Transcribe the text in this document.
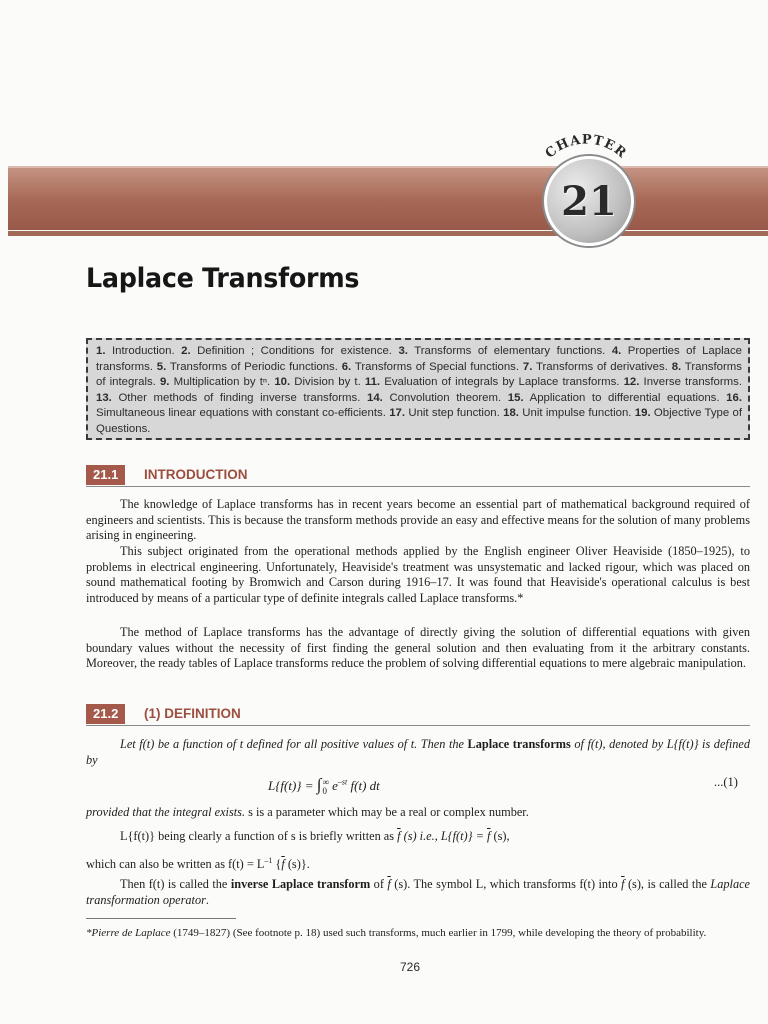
CHAPTER
21
Laplace Transforms
1. Introduction. 2. Definition ; Conditions for existence. 3. Transforms of elementary functions. 4. Properties of Laplace transforms. 5. Transforms of Periodic functions. 6. Transforms of Special functions. 7. Transforms of derivatives. 8. Transforms of integrals. 9. Multiplication by tⁿ. 10. Division by t. 11. Evaluation of integrals by Laplace transforms. 12. Inverse transforms. 13. Other methods of finding inverse transforms. 14. Convolution theorem. 15. Application to differential equations. 16. Simultaneous linear equations with constant co-efficients. 17. Unit step function. 18. Unit impulse function. 19. Objective Type of Questions.
21.1	INTRODUCTION

The knowledge of Laplace transforms has in recent years become an essential part of mathematical background required of engineers and scientists. This is because the transform methods provide an easy and effective means for the solution of many problems arising in engineering.

This subject originated from the operational methods applied by the English engineer Oliver Heaviside (1850–1925), to problems in electrical engineering. Unfortunately, Heaviside's treatment was unsystematic and lacked rigour, which was placed on sound mathematical footing by Bromwich and Carson during 1916–17. It was found that Heaviside's operational calculus is best introduced by means of a particular type of definite integrals called Laplace transforms.*

The method of Laplace transforms has the advantage of directly giving the solution of differential equations with given boundary values without the necessity of first finding the general solution and then evaluating from it the arbitrary constants. Moreover, the ready tables of Laplace transforms reduce the problem of solving differential equations to mere algebraic manipulation.

21.2	(1) DEFINITION

Let f(t) be a function of t defined for all positive values of t. Then the Laplace transforms of f(t), denoted by L{f(t)} is defined by

L{f(t)} = ∫ ∞
0 $e^{-st}$ f(t) dt	...(1)

provided that the integral exists. s is a parameter which may be a real or complex number.

L{f(t)} being clearly a function of s is briefly written as $\overline{f}$ (s) i.e., $L\{f(t)\} = \overline{f}$ (s),

which can also be written as $f(t) = L^{-1}$ {$\overline{f}$ (s)}.

Then f(t) is called the inverse Laplace transform of $\overline{f}$ (s). The symbol L, which transforms f(t) into $\overline{f}$ (s), is called the Laplace transformation operator.

*Pierre de Laplace (1749–1827) (See footnote p. 18) used such transforms, much earlier in 1799, while developing the theory of probability.

726
